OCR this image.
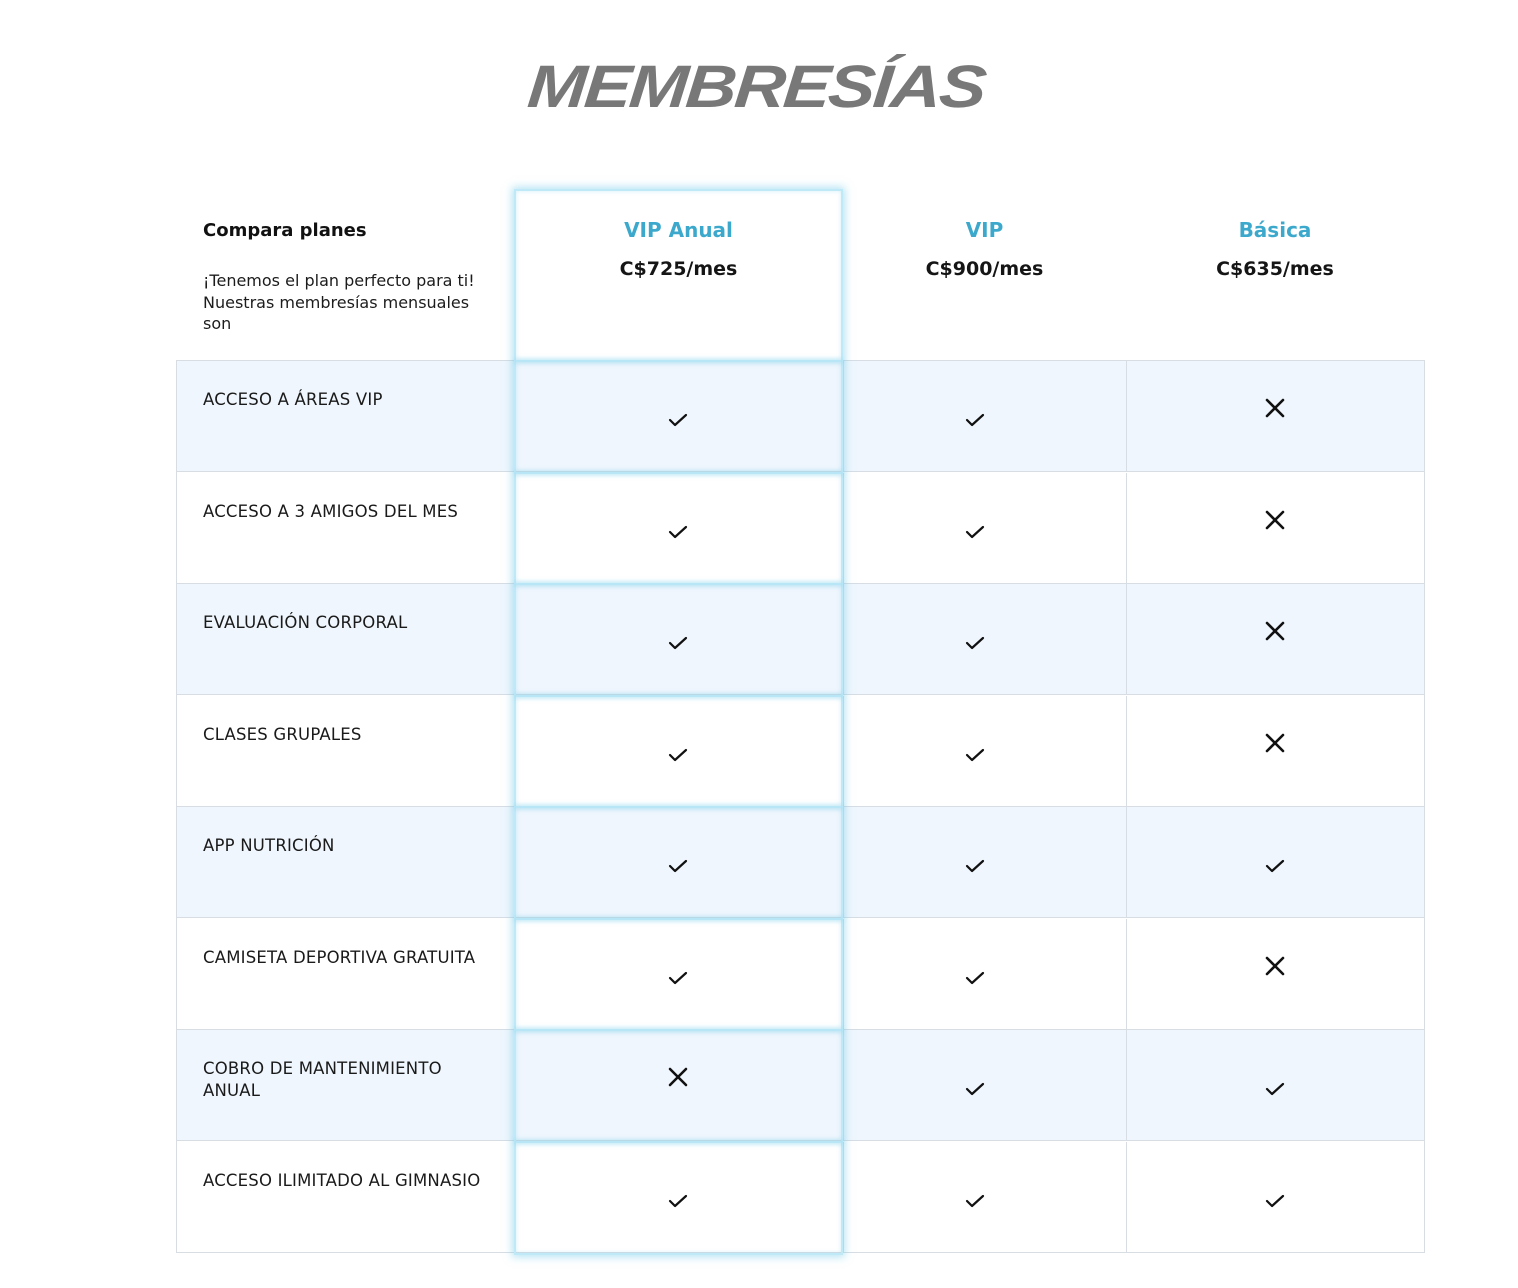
MEMBRESÍAS
Compara planes
¡Tenemos el plan perfecto para ti! Nuestras membresías mensuales son
VIP Anual
C$725/mes
VIP
C$900/mes
Básica
C$635/mes
ACCESO A ÁREAS VIP
ACCESO A 3 AMIGOS DEL MES
EVALUACIÓN CORPORAL
CLASES GRUPALES
APP NUTRICIÓN
CAMISETA DEPORTIVA GRATUITA
COBRO DE MANTENIMIENTO ANUAL
ACCESO ILIMITADO AL GIMNASIO
